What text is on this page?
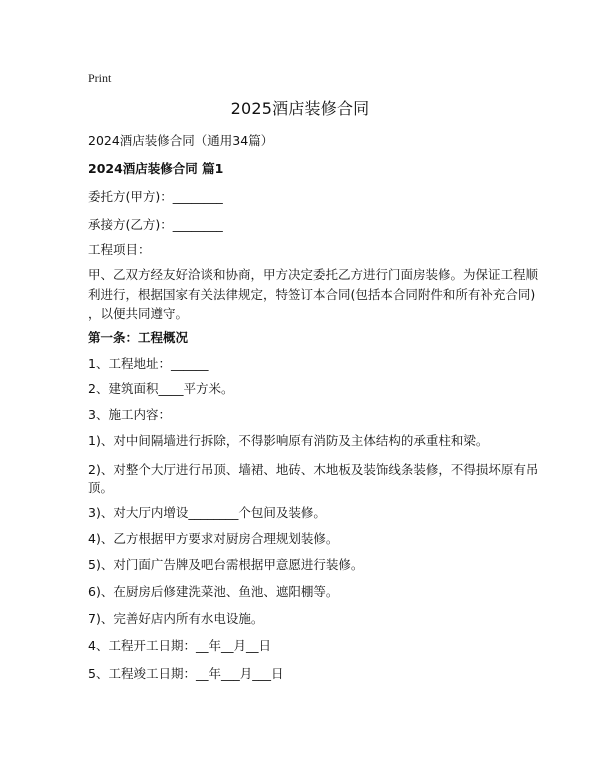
Print
2025酒店装修合同
2024酒店装修合同（通用34篇）
2024酒店装修合同 篇1
委托方(甲方)：________
承接方(乙方)：________
工程项目：
甲、乙双方经友好洽谈和协商，甲方决定委托乙方进行门面房装修。为保证工程顺
利进行，根据国家有关法律规定，特签订本合同(包括本合同附件和所有补充合同)
，以便共同遵守。
第一条：工程概况
1、工程地址：______
2、建筑面积____平方米。
3、施工内容：
1)、对中间隔墙进行拆除，不得影响原有消防及主体结构的承重柱和梁。
2)、对整个大厅进行吊顶、墙裙、地砖、木地板及装饰线条装修，不得损坏原有吊
顶。
3)、对大厅内增设________个包间及装修。
4)、乙方根据甲方要求对厨房合理规划装修。
5)、对门面广告牌及吧台需根据甲意愿进行装修。
6)、在厨房后修建洗菜池、鱼池、遮阳棚等。
7)、完善好店内所有水电设施。
4、工程开工日期：__年__月__日
5、工程竣工日期：__年___月___日
